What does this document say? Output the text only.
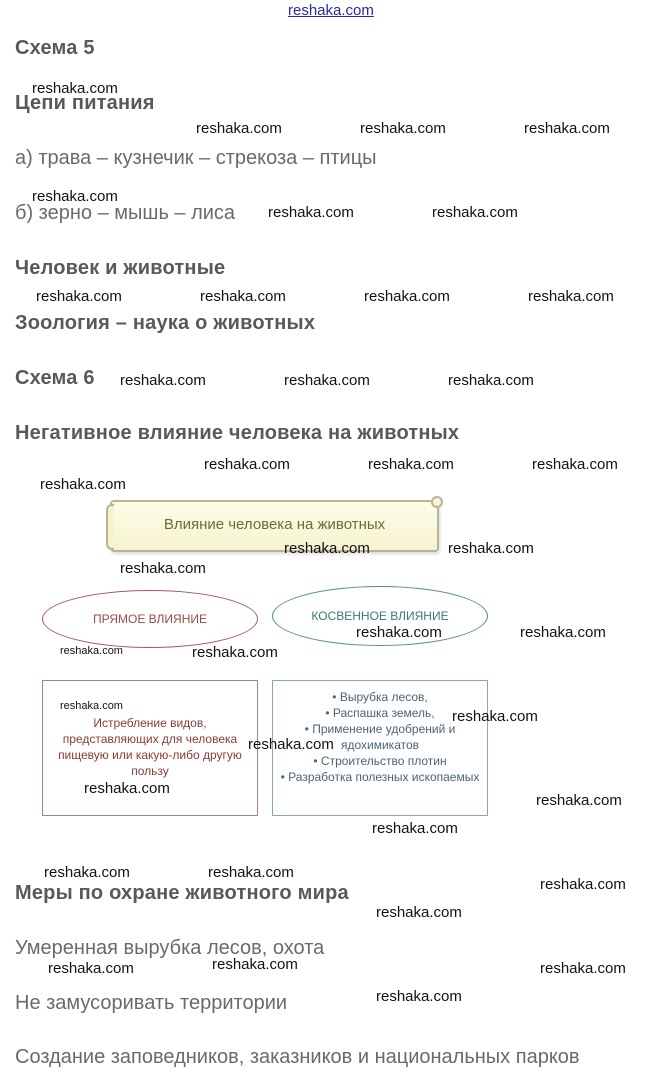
reshaka.com
Схема 5
Цепи питания
а) трава – кузнечик – стрекоза – птицы
б) зерно – мышь – лиса
Человек и животные
Зоология – наука о животных
Схема 6
Негативное влияние человека на животных
Влияние человека на животных
ПРЯМОЕ ВЛИЯНИЕ	КОСВЕННОЕ ВЛИЯНИЕ
Истребление видов, представляющих для человека пищевую или какую-либо другую пользу
• Вырубка лесов,
• Распашка земель,
• Применение удобрений и ядохимикатов
• Строительство плотин
• Разработка полезных ископаемых
Меры по охране животного мира
Умеренная вырубка лесов, охота
Не замусоривать территории
Создание заповедников, заказников и национальных парков
reshaka.com
reshaka.com	reshaka.com	reshaka.com
reshaka.com
reshaka.com	reshaka.com
reshaka.com	reshaka.com	reshaka.com	reshaka.com
reshaka.com	reshaka.com	reshaka.com
reshaka.com	reshaka.com	reshaka.com
reshaka.com
reshaka.com	reshaka.com
reshaka.com
reshaka.com	reshaka.com
reshaka.com	reshaka.com
reshaka.com
reshaka.com
reshaka.com
reshaka.com
reshaka.com
reshaka.com
reshaka.com	reshaka.com
reshaka.com
reshaka.com
reshaka.com	reshaka.com	reshaka.com
reshaka.com
